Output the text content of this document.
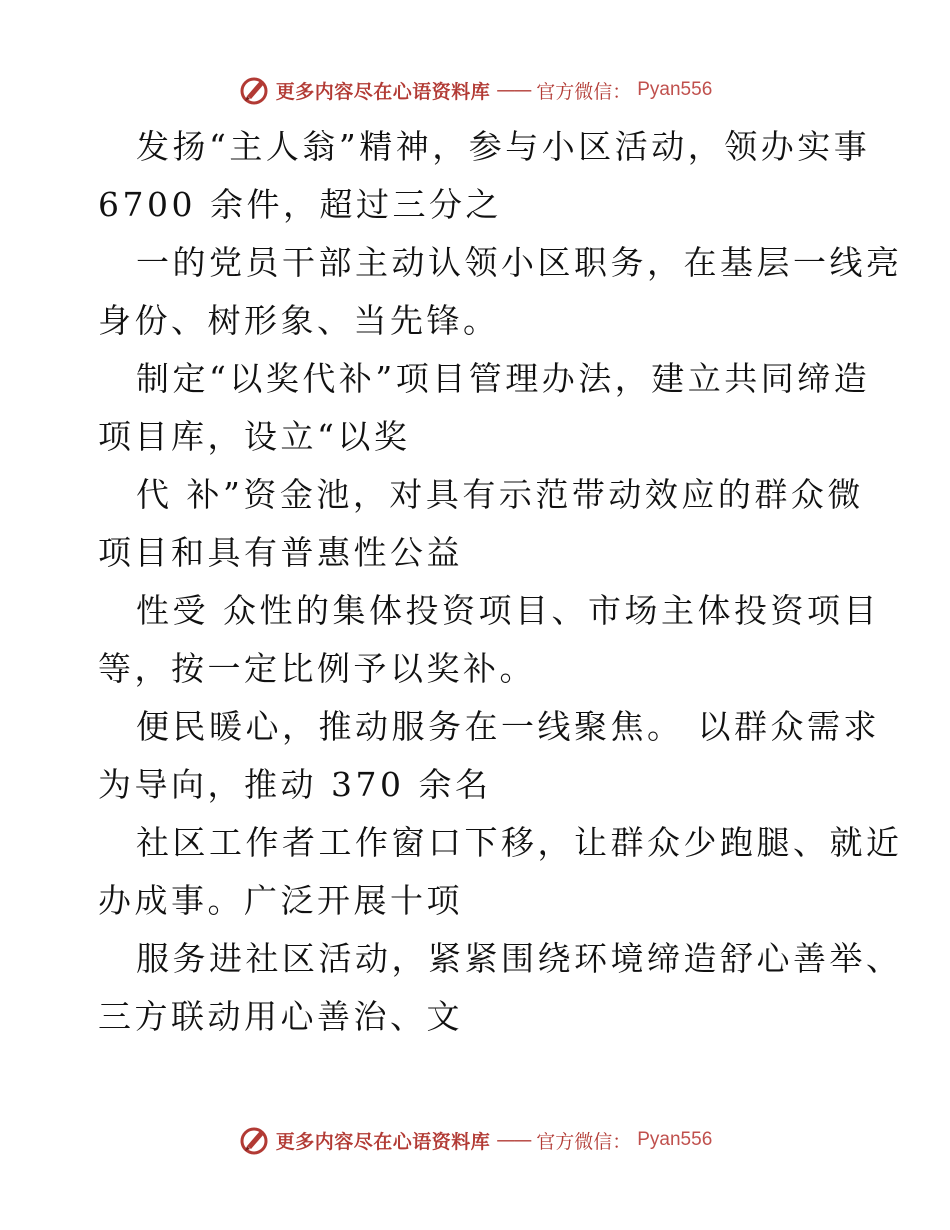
更多内容尽在心语资料库 —— 官方微信： Pyan556
发扬“主人翁”精神，参与小区活动，领办实事
6700 余件，超过三分之
一的党员干部主动认领小区职务，在基层一线亮
身份、树形象、当先锋。
制定“以奖代补”项目管理办法，建立共同缔造
项目库，设立“以奖
代 补”资金池，对具有示范带动效应的群众微
项目和具有普惠性公益
性受 众性的集体投资项目、市场主体投资项目
等，按一定比例予以奖补。
便民暖心，推动服务在一线聚焦。 以群众需求
为导向，推动 370 余名
社区工作者工作窗口下移，让群众少跑腿、就近
办成事。广泛开展十项
服务进社区活动，紧紧围绕环境缔造舒心善举、
三方联动用心善治、文
更多内容尽在心语资料库 —— 官方微信： Pyan556
